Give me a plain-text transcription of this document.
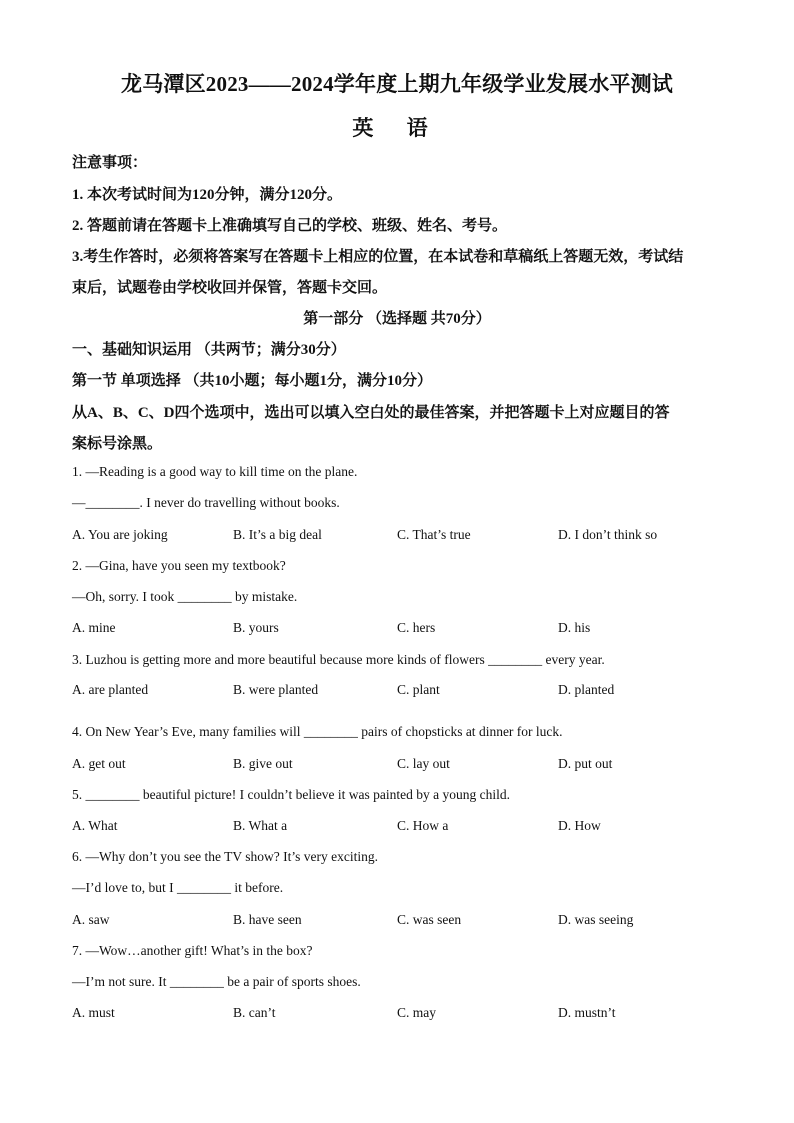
龙马潭区2023——2024学年度上期九年级学业发展水平测试
英 语
注意事项：
1. 本次考试时间为120分钟，满分120分。
2. 答题前请在答题卡上准确填写自己的学校、班级、姓名、考号。
3.考生作答时，必须将答案写在答题卡上相应的位置，在本试卷和草稿纸上答题无效，考试结
束后，试题卷由学校收回并保管，答题卡交回。
第一部分 （选择题 共70分）
一、基础知识运用 （共两节；满分30分）
第一节 单项选择 （共10小题；每小题1分，满分10分）
从A、B、C、D四个选项中，选出可以填入空白处的最佳答案，并把答题卡上对应题目的答
案标号涂黑。
1. —Reading is a good way to kill time on the plane.
—________. I never do travelling without books.
A. You are joking	B. It’s a big deal	C. That’s true	D. I don’t think so
2. —Gina, have you seen my textbook?
—Oh, sorry. I took ________ by mistake.
A. mine	B. yours	C. hers	D. his
3. Luzhou is getting more and more beautiful because more kinds of flowers ________ every year.
A. are planted	B. were planted	C. plant	D. planted
4. On New Year’s Eve, many families will ________ pairs of chopsticks at dinner for luck.
A. get out	B. give out	C. lay out	D. put out
5. ________ beautiful picture! I couldn’t believe it was painted by a young child.
A. What	B. What a	C. How a	D. How
6. —Why don’t you see the TV show? It’s very exciting.
—I’d love to, but I ________ it before.
A. saw	B. have seen	C. was seen	D. was seeing
7. —Wow…another gift! What’s in the box?
—I’m not sure. It ________ be a pair of sports shoes.
A. must	B. can’t	C. may	D. mustn’t
